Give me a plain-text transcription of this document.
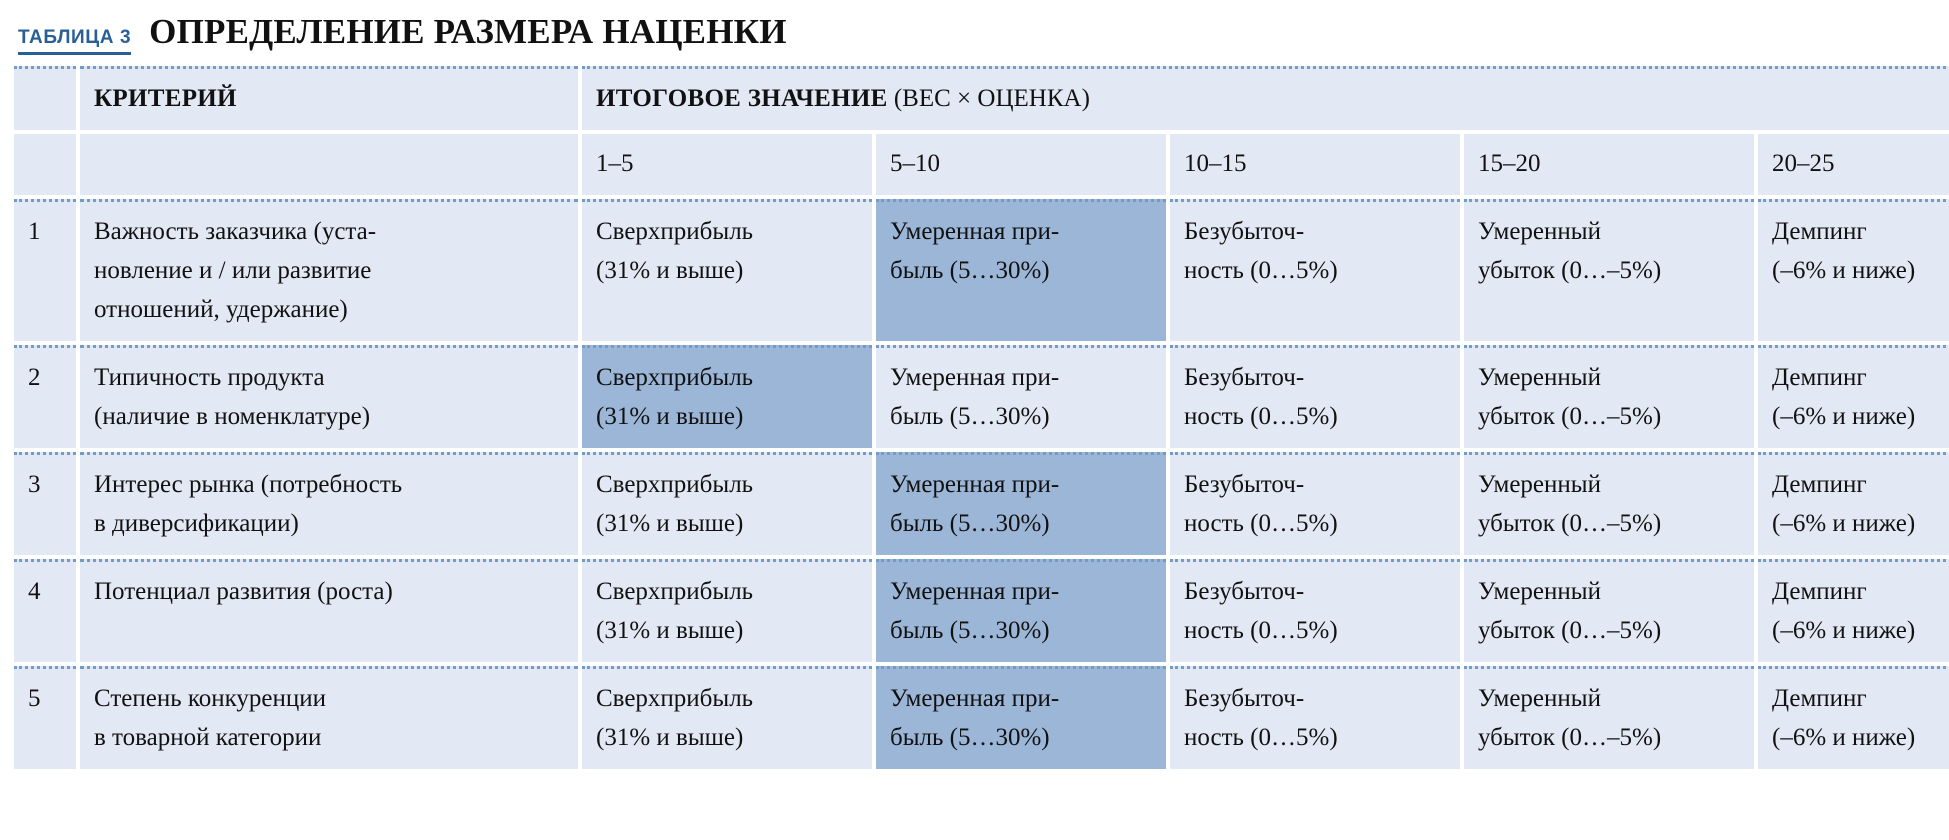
ТАБЛИЦА 3 ОПРЕДЕЛЕНИЕ РАЗМЕРА НАЦЕНКИ
	КРИТЕРИЙ	ИТОГОВОЕ ЗНАЧЕНИЕ (ВЕС × ОЦЕНКА)				
		1–5	5–10	10–15	15–20	20–25
1	Важность заказчика (уста-
новление и / или развитие
отношений, удержание)	Сверхприбыль
(31% и выше)	Умеренная при-
быль (5…30%)	Безубыточ-
ность (0…5%)	Умеренный
убыток (0…–5%)	Демпинг
(–6% и ниже)

2	Типичность продукта
(наличие в номенклатуре)	Сверхприбыль
(31% и выше)	Умеренная при-
быль (5…30%)	Безубыточ-
ность (0…5%)	Умеренный
убыток (0…–5%)	Демпинг
(–6% и ниже)

3	Интерес рынка (потребность
в диверсификации)	Сверхприбыль
(31% и выше)	Умеренная при-
быль (5…30%)	Безубыточ-
ность (0…5%)	Умеренный
убыток (0…–5%)	Демпинг
(–6% и ниже)

4	Потенциал развития (роста)	Сверхприбыль
(31% и выше)	Умеренная при-
быль (5…30%)	Безубыточ-
ность (0…5%)	Умеренный
убыток (0…–5%)	Демпинг
(–6% и ниже)

5	Степень конкуренции
в товарной категории	Сверхприбыль
(31% и выше)	Умеренная при-
быль (5…30%)	Безубыточ-
ность (0…5%)	Умеренный
убыток (0…–5%)	Демпинг
(–6% и ниже)
